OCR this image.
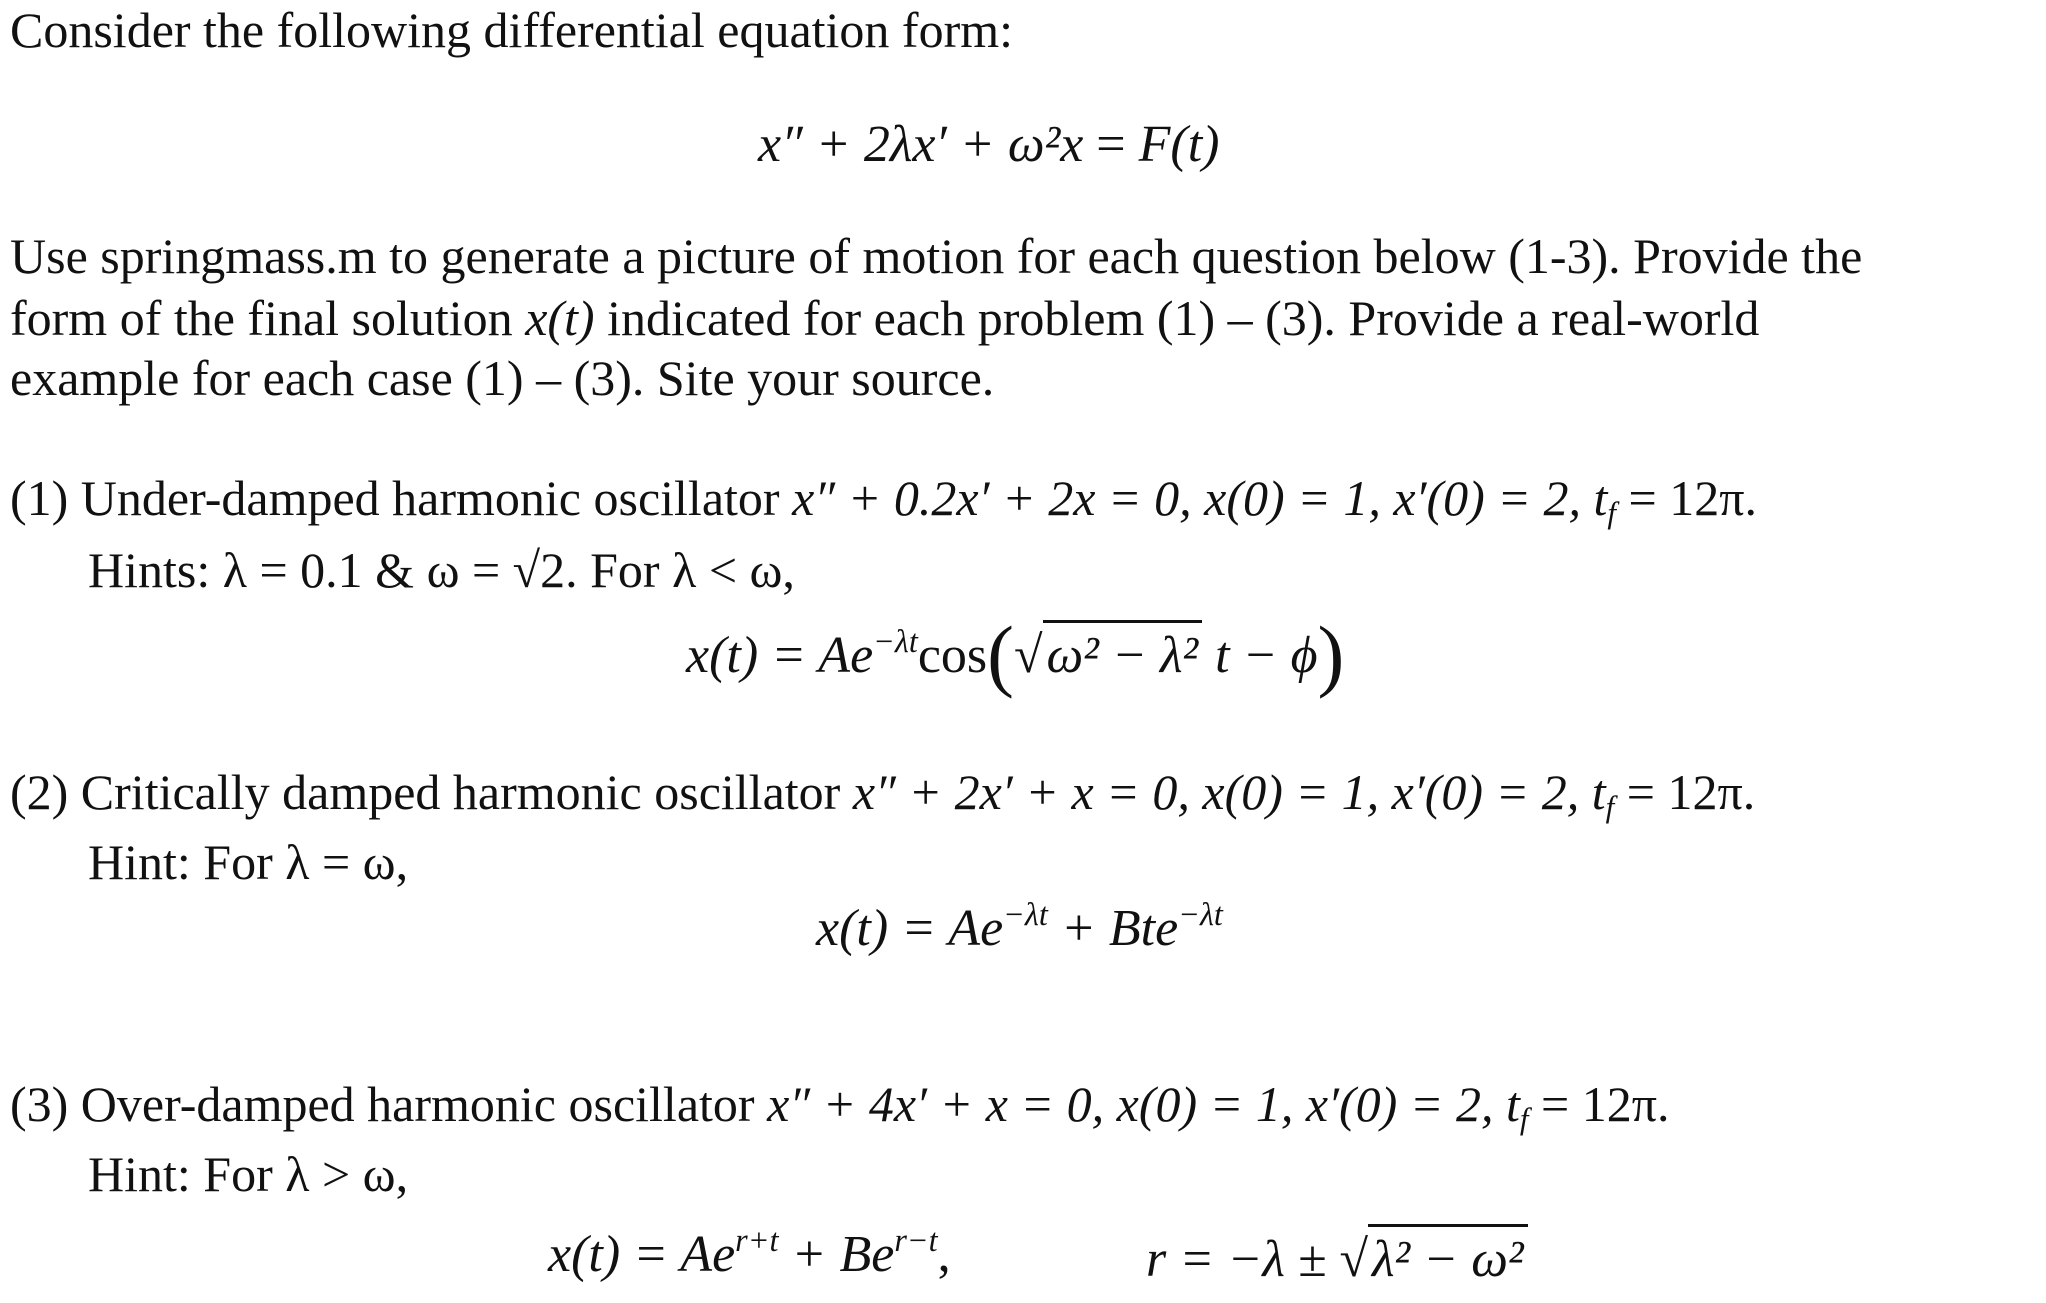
Consider the following differential equation form:
x″ + 2λx′ + ω²x = F(t)
Use springmass.m to generate a picture of motion for each question below (1-3). Provide the
form of the final solution x(t) indicated for each problem (1) – (3). Provide a real-world
example for each case (1) – (3). Site your source.
(1) Under-damped harmonic oscillator x″ + 0.2x′ + 2x = 0, x(0) = 1, x′(0) = 2, $t_f = 12\pi$.
Hints: λ = 0.1 & ω = √2. For λ < ω,
$x(t) = Ae^{-\lambda t}\cos(√\omega^2 - \lambda^2$ t − ϕ)
(2) Critically damped harmonic oscillator x″ + 2x′ + x = 0, x(0) = 1, x′(0) = 2, $t_f = 12\pi$.
Hint: For λ = ω,
$x(t) = Ae^{-\lambda t} + Bte^{-\lambda t}$
(3) Over-damped harmonic oscillator x″ + 4x′ + x = 0, x(0) = 1, x′(0) = 2, $t_f = 12\pi$.
Hint: For λ > ω,
$x(t) = Ae^{r+t} + Be^{r-t}$,	r = −λ ± √λ² − ω²
